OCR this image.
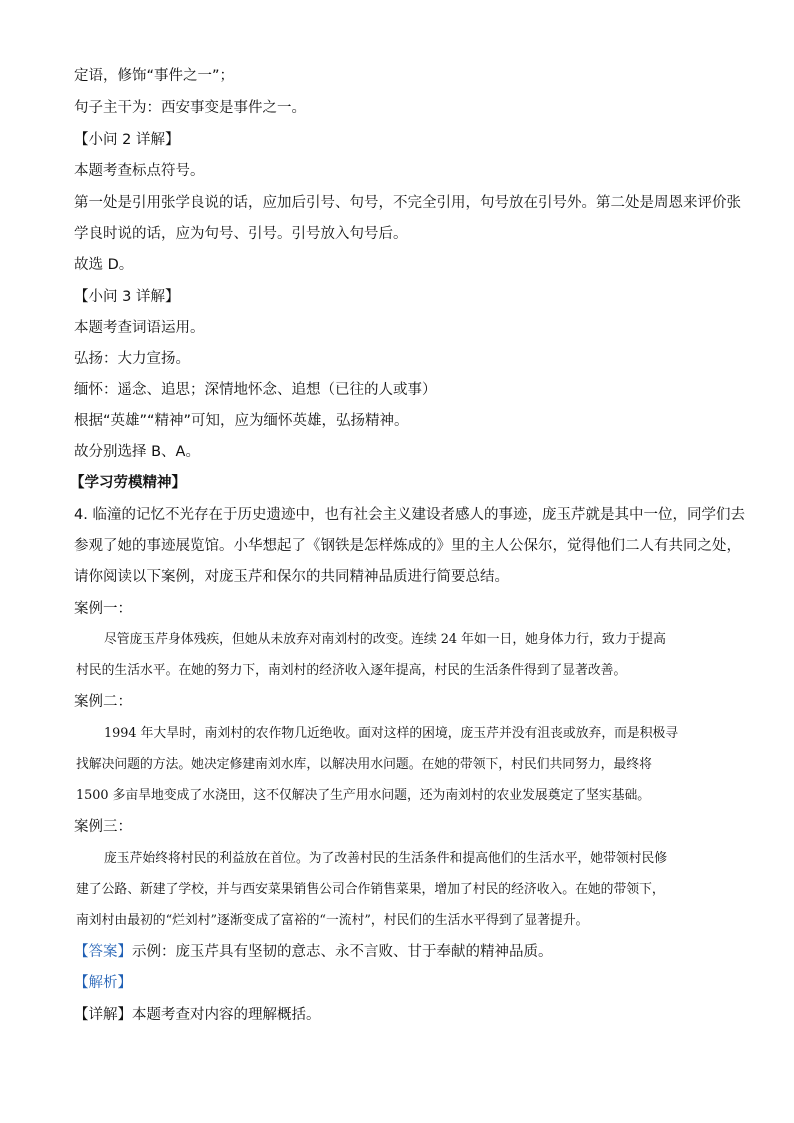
定语，修饰“事件之一”；
句子主干为：西安事变是事件之一。
【小问 2 详解】
本题考查标点符号。
第一处是引用张学良说的话，应加后引号、句号，不完全引用，句号放在引号外。第二处是周恩来评价张
学良时说的话，应为句号、引号。引号放入句号后。
故选 D。
【小问 3 详解】
本题考查词语运用。
弘扬：大力宣扬。
缅怀：遥念、追思；深情地怀念、追想（已往的人或事）
根据“英雄”“精神”可知，应为缅怀英雄，弘扬精神。
故分别选择 B、A。
【学习劳模精神】
4. 临潼的记忆不光存在于历史遗迹中，也有社会主义建设者感人的事迹，庞玉芹就是其中一位，同学们去
参观了她的事迹展览馆。小华想起了《钢铁是怎样炼成的》里的主人公保尔，觉得他们二人有共同之处，
请你阅读以下案例，对庞玉芹和保尔的共同精神品质进行简要总结。
案例一：
尽管庞玉芹身体残疾，但她从未放弃对南刘村的改变。连续 24 年如一日，她身体力行，致力于提高
村民的生活水平。在她的努力下，南刘村的经济收入逐年提高，村民的生活条件得到了显著改善。
案例二：
1994 年大旱时，南刘村的农作物几近绝收。面对这样的困境，庞玉芹并没有沮丧或放弃，而是积极寻
找解决问题的方法。她决定修建南刘水库，以解决用水问题。在她的带领下，村民们共同努力，最终将
1500 多亩旱地变成了水浇田，这不仅解决了生产用水问题，还为南刘村的农业发展奠定了坚实基础。
案例三：
庞玉芹始终将村民的利益放在首位。为了改善村民的生活条件和提高他们的生活水平，她带领村民修
建了公路、新建了学校，并与西安菜果销售公司合作销售菜果，增加了村民的经济收入。在她的带领下，
南刘村由最初的“烂刘村”逐渐变成了富裕的“一流村”，村民们的生活水平得到了显著提升。
【答案】示例：庞玉芹具有坚韧的意志、永不言败、甘于奉献的精神品质。
【解析】
【详解】本题考查对内容的理解概括。
